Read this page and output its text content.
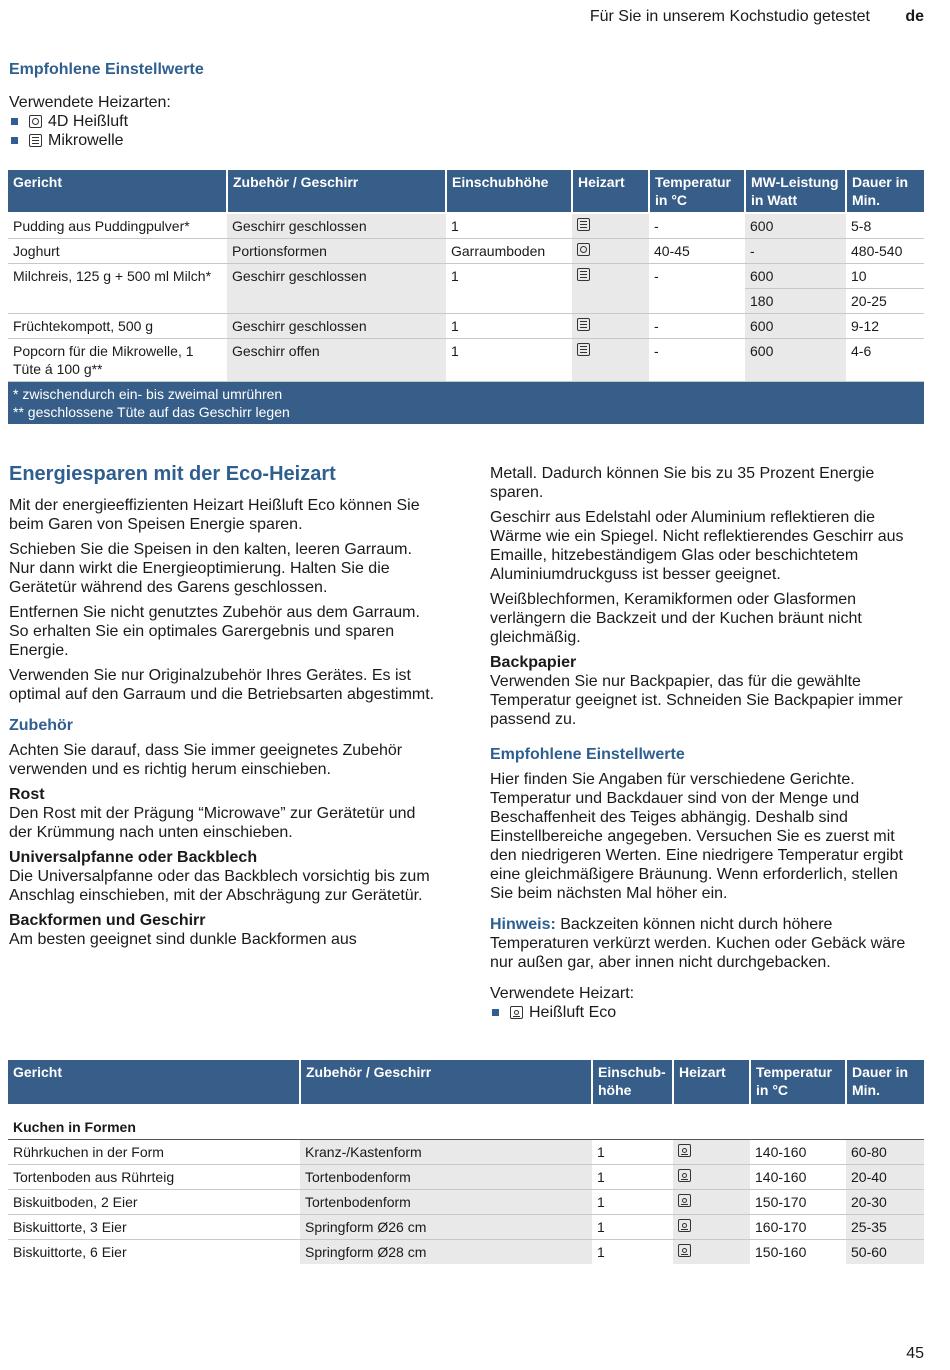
Für Sie in unserem Kochstudio getestet de
Empfohlene Einstellwerte
Verwendete Heizarten:
4D Heißluft
Mikrowelle
Gericht	Zubehör / Geschirr	Einschubhöhe	Heizart	Temperatur in °C	MW-Leistung in Watt	Dauer in Min.
Pudding aus Puddingpulver*	Geschirr geschlossen	1		-	600	5-8
Joghurt	Portionsformen	Garraumboden		40-45	-	480-540
Milchreis, 125 g + 500 ml Milch*	Geschirr geschlossen	1		-	600	10
					180	20-25
Früchtekompott, 500 g	Geschirr geschlossen	1		-	600	9-12
Popcorn für die Mikrowelle, 1 Tüte á 100 g**	Geschirr offen	1		-	600	4-6

* zwischendurch ein- bis zweimal umrühren
** geschlossene Tüte auf das Geschirr legen						
Energiesparen mit der Eco-Heizart

Mit der energieeffizienten Heizart Heißluft Eco können Sie beim Garen von Speisen Energie sparen.

Schieben Sie die Speisen in den kalten, leeren Garraum. Nur dann wirkt die Energieoptimierung. Halten Sie die Gerätetür während des Garens geschlossen.

Entfernen Sie nicht genutztes Zubehör aus dem Garraum. So erhalten Sie ein optimales Garergebnis und sparen Energie.

Verwenden Sie nur Originalzubehör Ihres Gerätes. Es ist optimal auf den Garraum und die Betriebsarten abgestimmt.

Zubehör

Achten Sie darauf, dass Sie immer geeignetes Zubehör verwenden und es richtig herum einschieben.

Rost
Den Rost mit der Prägung “Microwave” zur Gerätetür und der Krümmung nach unten einschieben.
Universalpfanne oder Backblech
Die Universalpfanne oder das Backblech vorsichtig bis zum Anschlag einschieben, mit der Abschrägung zur Gerätetür.
Backformen und Geschirr
Am besten geeignet sind dunkle Backformen aus

Metall. Dadurch können Sie bis zu 35 Prozent Energie sparen.

Geschirr aus Edelstahl oder Aluminium reflektieren die Wärme wie ein Spiegel. Nicht reflektierendes Geschirr aus Emaille, hitzebeständigem Glas oder beschichtetem Aluminiumdruckguss ist besser geeignet.

Weißblechformen, Keramikformen oder Glasformen verlängern die Backzeit und der Kuchen bräunt nicht gleichmäßig.

Backpapier
Verwenden Sie nur Backpapier, das für die gewählte Temperatur geeignet ist. Schneiden Sie Backpapier immer passend zu.
Empfohlene Einstellwerte

Hier finden Sie Angaben für verschiedene Gerichte. Temperatur und Backdauer sind von der Menge und Beschaffenheit des Teiges abhängig. Deshalb sind Einstellbereiche angegeben. Versuchen Sie es zuerst mit den niedrigeren Werten. Eine niedrigere Temperatur ergibt eine gleichmäßigere Bräunung. Wenn erforderlich, stellen Sie beim nächsten Mal höher ein.

Hinweis: Backzeiten können nicht durch höhere Temperaturen verkürzt werden. Kuchen oder Gebäck wäre nur außen gar, aber innen nicht durchgebacken.

Verwendete Heizart:

Heißluft Eco
Gericht	Zubehör / Geschirr	Einschub-höhe	Heizart	Temperatur in °C	Dauer in Min.
Kuchen in Formen					
Rührkuchen in der Form	Kranz-/Kastenform	1		140-160	60-80
Tortenboden aus Rührteig	Tortenbodenform	1		140-160	20-40
Biskuitboden, 2 Eier	Tortenbodenform	1		150-170	20-30
Biskuittorte, 3 Eier	Springform Ø26 cm	1		160-170	25-35
Biskuittorte, 6 Eier	Springform Ø28 cm	1		150-160	50-60
45
